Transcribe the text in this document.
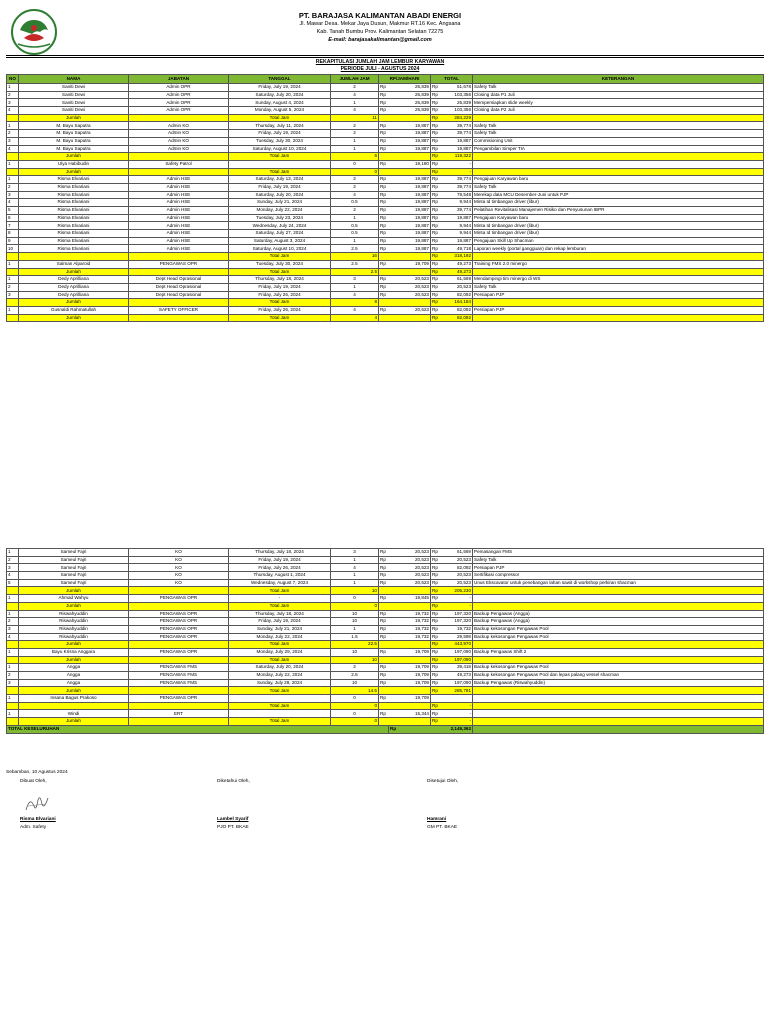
PT. BARAJASA KALIMANTAN ABADI ENERGI
Jl. Mawar Desa. Mekar Jaya Dusun, Makmur RT.16 Kec. Angsana
Kab. Tanah Bumbu Prov. Kalimantan Selatan 72275
E-mail: barajasakalimantan@gmail.com
REKAPITULASI JUMLAH JAM LEMBUR KARYAWAN
PERIODE JULI - AGUSTUS 2024
NO	NAMA	JABATAN	TANGGAL	JUMLAH JAM	RP/JAM/HARI		TOTAL		KETERANGAN
1	Saniti Dewi	Admin OPR	Friday, July 19, 2024	2	Rp	25,839	Rp	51,678	Safety Talk
2	Saniti Dewi	Admin OPR	Saturday, July 20, 2024	4	Rp	25,839	Rp	103,356	Closing data P1 Juli
3	Saniti Dewi	Admin OPR	Sunday, August 4, 2024	1	Rp	25,839	Rp	25,839	Mempersiapkan slide weekly
4	Saniti Dewi	Admin OPR	Monday, August 5, 2024	4	Rp	25,839	Rp	103,356	Closing data P2 Juli
	Jumlah		Total Jam	11			Rp	284,229	
1	M. Bayu Saputra	Admin KO	Thursday, July 11, 2024	2	Rp	19,887	Rp	39,774	Safety Talk
2	M. Bayu Saputra	Admin KO	Friday, July 19, 2024	2	Rp	19,887	Rp	39,774	Safety Talk
3	M. Bayu Saputra	Admin KO	Tuesday, July 30, 2024	1	Rp	19,887	Rp	19,887	Commisioning Unit
4	M. Bayu Saputra	Admin KO	Saturday, August 10, 2024	1	Rp	19,887	Rp	19,887	Pengambilan Simper TIA
	Jumlah		Total Jam	6			Rp	119,322	
1	Ulya Habibudin	Safety Patrol		0	Rp	19,180	Rp	-	
	Jumlah		Total Jam	0			Rp	-	
1	Risma Elvariani	Admin HSE	Saturday, July 13, 2024	2	Rp	19,887	Rp	39,774	Pengajuan Karyawan baru
2	Risma Elvariani	Admin HSE	Friday, July 19, 2024	2	Rp	19,887	Rp	39,774	Safety Talk
3	Risma Elvariani	Admin HSE	Saturday, July 20, 2024	4	Rp	19,887	Rp	79,548	Merekap data MCU Desember-Juni untuk PJP
4	Risma Elvariani	Admin HSE	Sunday, July 21, 2024	0.5	Rp	19,887	Rp	9,944	Minta Id timbangan driver (libur)
5	Risma Elvariani	Admin HSE	Monday, July 22, 2024	2	Rp	19,887	Rp	39,774	Pelatihan Revitalisasi Manajemen Risiko dan Penyusunan IBPR
6	Risma Elvariani	Admin HSE	Tuesday, July 23, 2024	1	Rp	19,887	Rp	19,887	Pengajuan Karyawan baru
7	Risma Elvariani	Admin HSE	Wednesday, July 24, 2024	0.5	Rp	19,887	Rp	9,944	Minta Id timbangan driver (libur)
8	Risma Elvariani	Admin HSE	Saturday, July 27, 2024	0.5	Rp	19,887	Rp	9,944	Minta Id timbangan driver (libur)
9	Risma Elvariani	Admin HSE	Saturday, August 3, 2024	1	Rp	19,887	Rp	19,887	Pengajuan Skill Up Shacman
10	Risma Elvariani	Admin HSE	Saturday, August 10, 2024	2.5	Rp	19,887	Rp	49,718	Laporan weekly (portal gangguan) dan rekap lemburan
			Total Jam	16			Rp	318,192	
1	Salman Alparoid	PENGAWAS OPR	Tuesday, July 30, 2024	2.5	Rp	19,709	Rp	49,273	Training FMS 2.0 minergo
	Jumlah		Total Jam	2.5			Rp	49,273	
1	Dedy Aprilliana	Dept Head Oprasional	Thursday, July 18, 2024	3	Rp	20,523	Rp	61,569	Mendampingi tim minergo di WS
2	Dedy Aprilliana	Dept Head Oprasional	Friday, July 19, 2024	1	Rp	20,523	Rp	20,523	Safety Talk
3	Dedy Aprilliana	Dept Head Oprasional	Friday, July 26, 2024	4	Rp	20,523	Rp	82,092	Persiapan PJP
	Jumlah		Total Jam	8			Rp	164,184	
1	Gusnaldi Rahmatullah	SAFETY OFFICER	Friday, July 26, 2024	4	Rp	20,523	Rp	82,092	Persiapan PJP
	Jumlah		Total Jam	4			Rp	82,092	
1	Sameul Fajri	KO	Thursday, July 18, 2024	3	Rp	20,523	Rp	61,569	Pemasangan FMS
2	Sameul Fajri	KO	Friday, July 19, 2024	1	Rp	20,523	Rp	20,523	Safety Talk
3	Sameul Fajri	KO	Friday, July 26, 2024	4	Rp	20,523	Rp	82,092	Persiapan PJP
4	Sameul Fajri	KO	Thursday, August 1, 2024	1	Rp	20,523	Rp	20,523	Sertifikasi compressor
5	Sameul Fajri	KO	Wednesday, August 7, 2024	1	Rp	20,523	Rp	20,523	Unus Ekscavator untuk penebangan lahan sawit di workshop perkiran shacman
	Jumlah		Total Jam	10			Rp	205,230	
1	Ahmad Wahyu	PENGAWAS OPR	-	0	Rp	19,845	Rp	-	
	Jumlah		Total Jam	0			Rp	-	
1	Riswahyuddin	PENGAWAS OPR	Thursday, July 18, 2024	10	Rp	19,732	Rp	197,320	Backup Pengawas (Angga)
2	Riswahyuddin	PENGAWAS OPR	Friday, July 19, 2024	10	Rp	19,732	Rp	197,320	Backup Pengawas (Angga)
3	Riswahyuddin	PENGAWAS OPR	Sunday, July 21, 2024	1	Rp	19,732	Rp	19,732	Backup kekosongan Pengawas Pool
4	Riswahyuddin	PENGAWAS OPR	Monday, July 22, 2024	1.5	Rp	19,732	Rp	29,598	Backup kekosongan Pengawas Pool
	Jumlah		Total Jam	22.5			Rp	443,970	
1	Bayu Krisna Anggara	PENGAWAS OPR	Monday, July 29, 2024	10	Rp	19,709	Rp	197,090	Backup Pengawas Shift 2
	Jumlah		Total Jam	10			Rp	197,090	
1	Angga	PENGAWAS FMS	Saturday, July 20, 2024	2	Rp	19,709	Rp	39,418	Backup kekosongan Pengawas Pool
2	Angga	PENGAWAS FMS	Monday, July 22, 2024	2.5	Rp	19,709	Rp	49,273	Backup kekosongan Pengawas Pool dan lepas palang vessel shacman
3	Angga	PENGAWAS FMS	Sunday, July 28, 2024	10	Rp	19,709	Rp	197,090	Backup Pengawas (Riswahyuddin)
	Jumlah		Total Jam	14.5			Rp	285,781	
1	Insana Bagus Prakoso	PENGAWAS OPR		0	Rp	19,709			
			Total Jam	0			Rp	-	
1	Windi	ERT		0	Rp	15,344	Rp	-	
	Jumlah		Total Jam	0			Rp	-	
TOTAL KESELURUHAN						Rp	2,149,362		
Sebamban, 10 Agustus 2024
Dibuat Oleh,	Diketahui Oleh,	Disetujui Oleh,
Risma Elvariani
Adm. Safety
Lambel Syarif
PJO PT. BKAE
Hamrani
GM PT. BKAE
